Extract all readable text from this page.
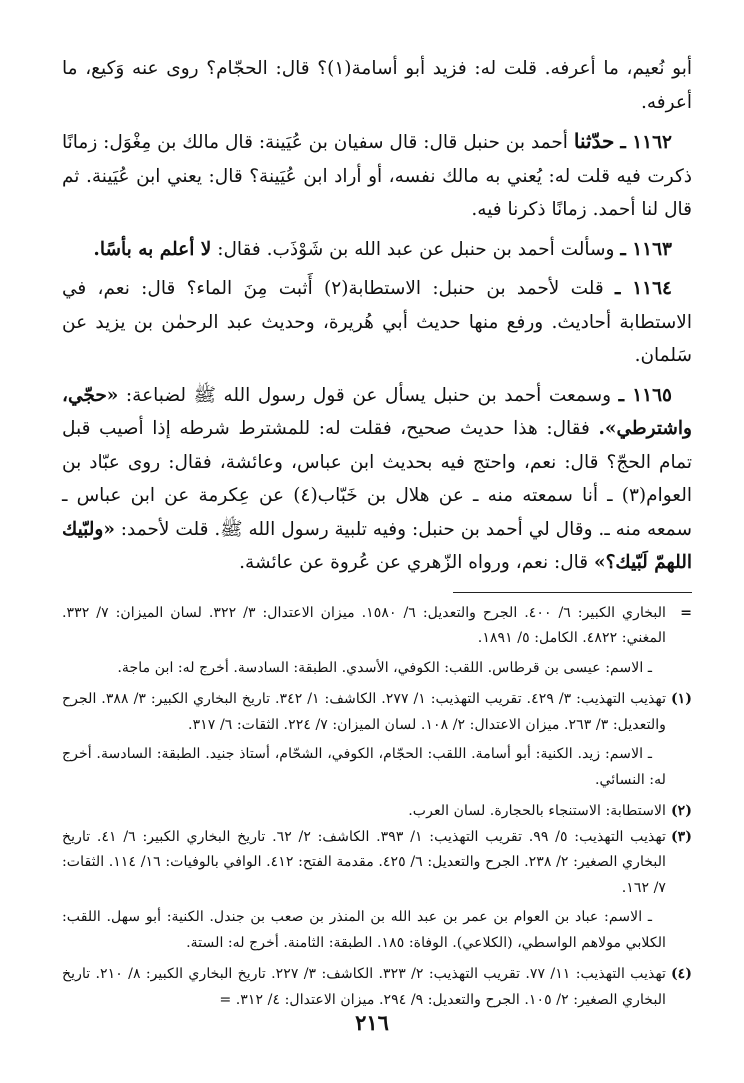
أبو نُعيم، ما أعرفه. قلت له: فزيد أبو أسامة(١)؟ قال: الحجّام؟ روى عنه وَكيع، ما أعرفه.

١١٦٢ ـ حدّثنا أحمد بن حنبل قال: قال سفيان بن عُيَينة: قال مالك بن مِغْوَل: زمانًا ذكرت فيه قلت له: يُعني به مالك نفسه، أو أراد ابن عُيَينة؟ قال: يعني ابن عُيَينة. ثم قال لنا أحمد. زمانًا ذكرنا فيه.

١١٦٣ ـ وسألت أحمد بن حنبل عن عبد الله بن شَوْذَب. فقال: لا أعلم به بأسًا.

١١٦٤ ـ قلت لأحمد بن حنبل: الاستطابة(٢) أَثبت مِنَ الماء؟ قال: نعم، في الاستطابة أحاديث. ورفع منها حديث أبي هُريرة، وحديث عبد الرحمٰن بن يزيد عن سَلمان.

١١٦٥ ـ وسمعت أحمد بن حنبل يسأل عن قول رسول الله ﷺ لضباعة: «حجّي، واشترطي». فقال: هذا حديث صحيح، فقلت له: للمشترط شرطه إذا أصيب قبل تمام الحجّ؟ قال: نعم، واحتج فيه بحديث ابن عباس، وعائشة، فقال: روى عبّاد بن العوام(٣) ـ أنا سمعته منه ـ عن هلال بن خَبّاب(٤) عن عِكرمة عن ابن عباس ـ سمعه منه ـ. وقال لي أحمد بن حنبل: وفيه تلبية رسول الله ﷺ. قلت لأحمد: «ولبّيك اللهمّ لَبّيك؟» قال: نعم، ورواه الزّهري عن عُروة عن عائشة.

=
البخاري الكبير: ٦/ ٤٠٠. الجرح والتعديل: ٦/ ١٥٨٠. ميزان الاعتدال: ٣/ ٣٢٢. لسان الميزان: ٧/ ٣٣٢. المغني: ٤٨٢٢. الكامل: ٥/ ١٨٩١.
ـ الاسم: عيسى بن قرطاس. اللقب: الكوفي، الأسدي. الطبقة: السادسة. أخرج له: ابن ماجة.
(١)
تهذيب التهذيب: ٣/ ٤٢٩. تقريب التهذيب: ١/ ٢٧٧. الكاشف: ١/ ٣٤٢. تاريخ البخاري الكبير: ٣/ ٣٨٨. الجرح والتعديل: ٣/ ٢٦٣. ميزان الاعتدال: ٢/ ١٠٨. لسان الميزان: ٧/ ٢٢٤. الثقات: ٦/ ٣١٧.
ـ الاسم: زيد. الكنية: أبو أسامة. اللقب: الحجّام، الكوفي، الشحّام، أستاذ جنيد. الطبقة: السادسة. أخرج له: النسائي.
(٢)
الاستطابة: الاستنجاء بالحجارة. لسان العرب.
(٣)
تهذيب التهذيب: ٥/ ٩٩. تقريب التهذيب: ١/ ٣٩٣. الكاشف: ٢/ ٦٢. تاريخ البخاري الكبير: ٦/ ٤١. تاريخ البخاري الصغير: ٢/ ٢٣٨. الجرح والتعديل: ٦/ ٤٢٥. مقدمة الفتح: ٤١٢. الوافي بالوفيات: ١٦/ ١١٤. الثقات: ٧/ ١٦٢.
ـ الاسم: عباد بن العوام بن عمر بن عبد الله بن المنذر بن صعب بن جندل. الكنية: أبو سهل. اللقب: الكلابي مولاهم الواسطي، (الكلاعي). الوفاة: ١٨٥. الطبقة: الثامنة. أخرج له: الستة.
(٤)
تهذيب التهذيب: ١١/ ٧٧. تقريب التهذيب: ٢/ ٣٢٣. الكاشف: ٣/ ٢٢٧. تاريخ البخاري الكبير: ٨/ ٢١٠. تاريخ البخاري الصغير: ٢/ ١٠٥. الجرح والتعديل: ٩/ ٢٩٤. ميزان الاعتدال: ٤/ ٣١٢. =
٢١٦
